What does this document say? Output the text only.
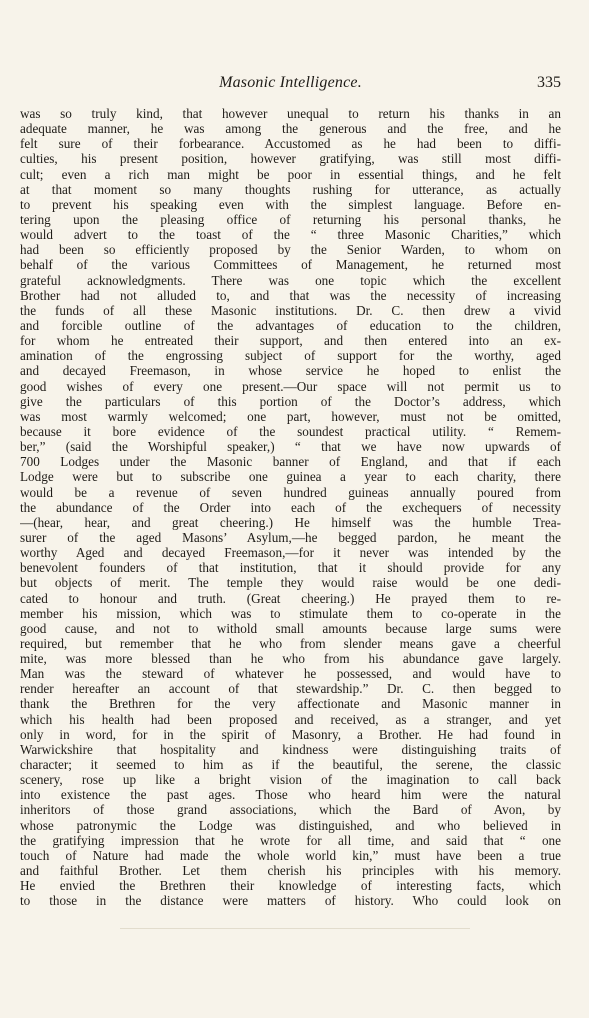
Masonic Intelligence.	335
was so truly kind, that however unequal to return his thanks in an
adequate manner, he was among the generous and the free, and he
felt sure of their forbearance. Accustomed as he had been to diffi-
culties, his present position, however gratifying, was still most diffi-
cult; even a rich man might be poor in essential things, and he felt
at that moment so many thoughts rushing for utterance, as actually
to prevent his speaking even with the simplest language. Before en-
tering upon the pleasing office of returning his personal thanks, he
would advert to the toast of the “ three Masonic Charities,” which
had been so efficiently proposed by the Senior Warden, to whom on
behalf of the various Committees of Management, he returned most
grateful acknowledgments. There was one topic which the excellent
Brother had not alluded to, and that was the necessity of increasing
the funds of all these Masonic institutions. Dr. C. then drew a vivid
and forcible outline of the advantages of education to the children,
for whom he entreated their support, and then entered into an ex-
amination of the engrossing subject of support for the worthy, aged
and decayed Freemason, in whose service he hoped to enlist the
good wishes of every one present.—Our space will not permit us to
give the particulars of this portion of the Doctor’s address, which
was most warmly welcomed; one part, however, must not be omitted,
because it bore evidence of the soundest practical utility. “ Remem-
ber,” (said the Worshipful speaker,) “ that we have now upwards of
700 Lodges under the Masonic banner of England, and that if each
Lodge were but to subscribe one guinea a year to each charity, there
would be a revenue of seven hundred guineas annually poured from
the abundance of the Order into each of the exchequers of necessity
—(hear, hear, and great cheering.) He himself was the humble Trea-
surer of the aged Masons’ Asylum,—he begged pardon, he meant the
worthy Aged and decayed Freemason,—for it never was intended by the
benevolent founders of that institution, that it should provide for any
but objects of merit. The temple they would raise would be one dedi-
cated to honour and truth. (Great cheering.) He prayed them to re-
member his mission, which was to stimulate them to co-operate in the
good cause, and not to withold small amounts because large sums were
required, but remember that he who from slender means gave a cheerful
mite, was more blessed than he who from his abundance gave largely.
Man was the steward of whatever he possessed, and would have to
render hereafter an account of that stewardship.” Dr. C. then begged to
thank the Brethren for the very affectionate and Masonic manner in
which his health had been proposed and received, as a stranger, and yet
only in word, for in the spirit of Masonry, a Brother. He had found in
Warwickshire that hospitality and kindness were distinguishing traits of
character; it seemed to him as if the beautiful, the serene, the classic
scenery, rose up like a bright vision of the imagination to call back
into existence the past ages. Those who heard him were the natural
inheritors of those grand associations, which the Bard of Avon, by
whose patronymic the Lodge was distinguished, and who believed in
the gratifying impression that he wrote for all time, and said that “ one
touch of Nature had made the whole world kin,” must have been a true
and faithful Brother. Let them cherish his principles with his memory.
He envied the Brethren their knowledge of interesting facts, which
to those in the distance were matters of history. Who could look on
